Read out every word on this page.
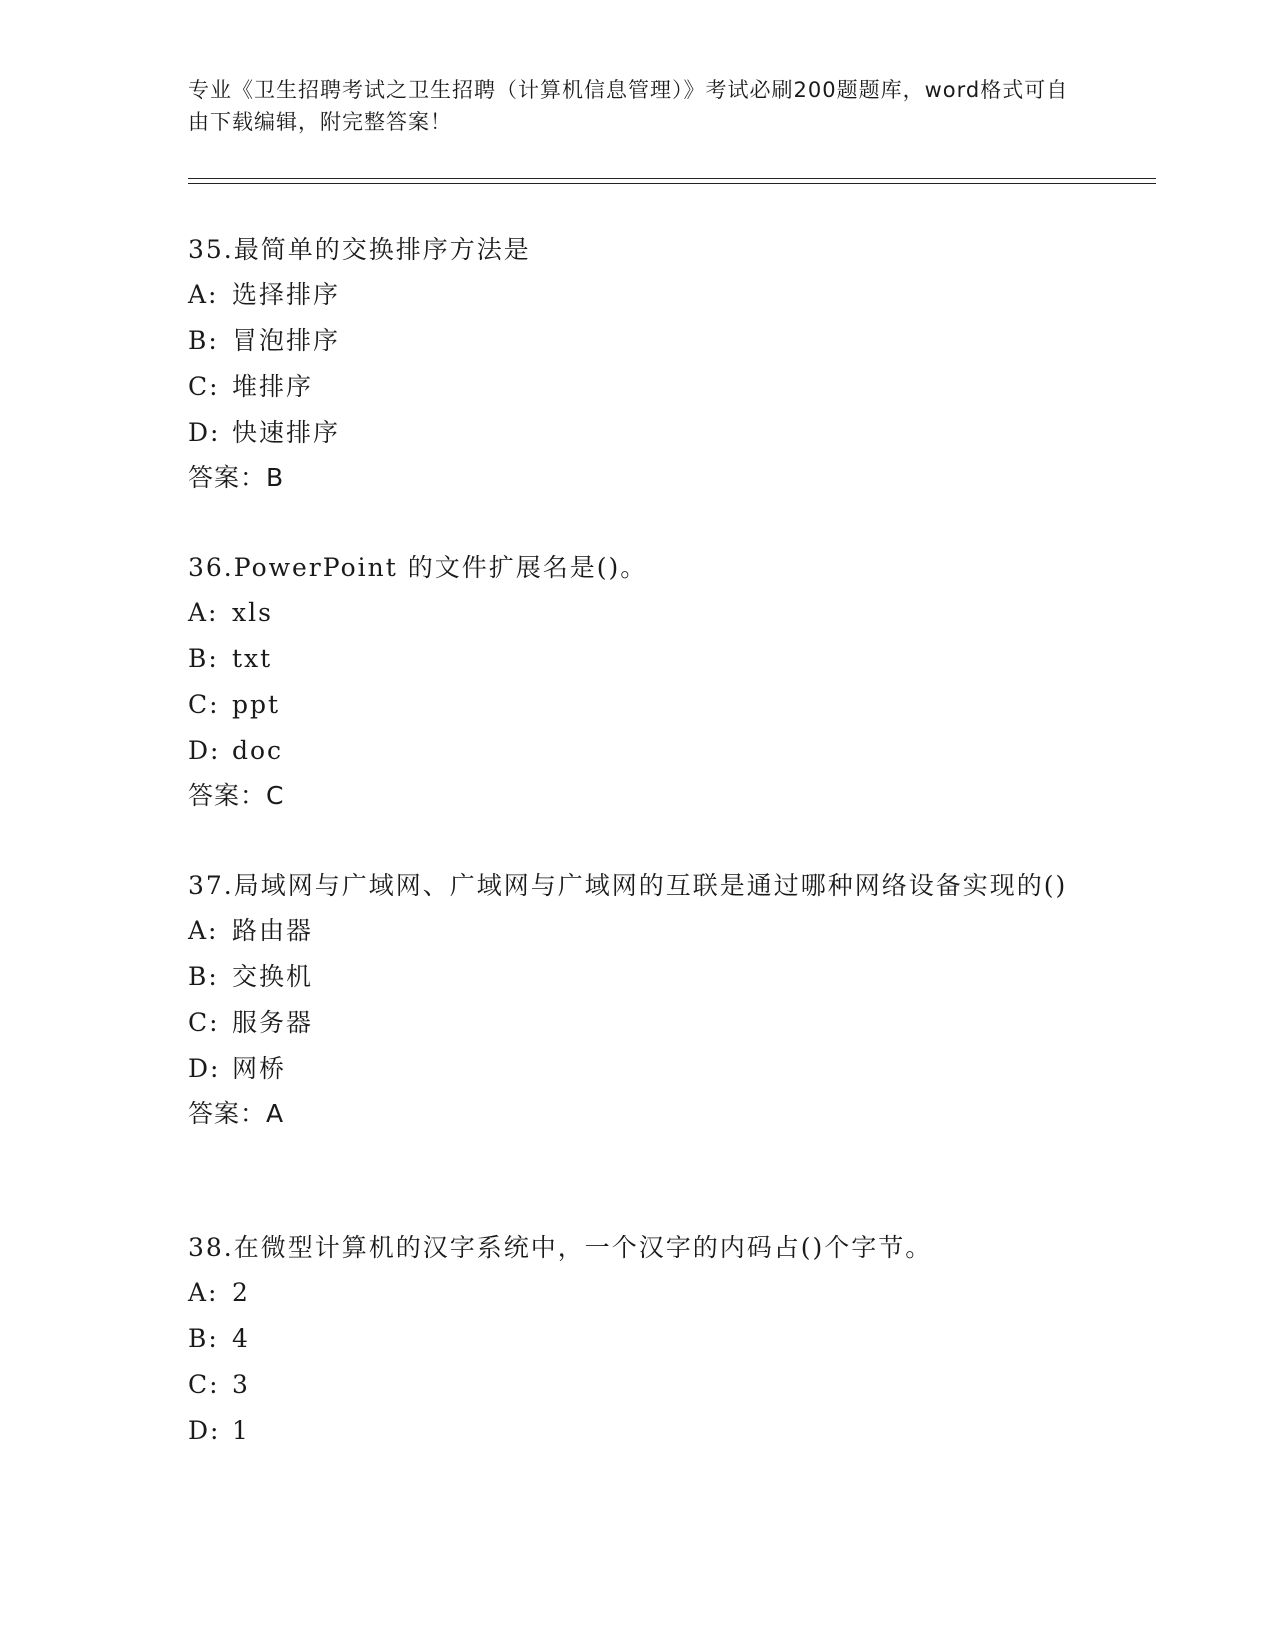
专业《卫生招聘考试之卫生招聘（计算机信息管理）》考试必刷200题题库，word格式可自由下载编辑，附完整答案！
35.最简单的交换排序方法是
A: 选择排序
B: 冒泡排序
C: 堆排序
D: 快速排序
答案：B
36.PowerPoint 的文件扩展名是()。
A: xls
B: txt
C: ppt
D: doc
答案：C
37.局域网与广域网、广域网与广域网的互联是通过哪种网络设备实现的()
A: 路由器
B: 交换机
C: 服务器
D: 网桥
答案：A
38.在微型计算机的汉字系统中，一个汉字的内码占()个字节。
A: 2
B: 4
C: 3
D: 1
